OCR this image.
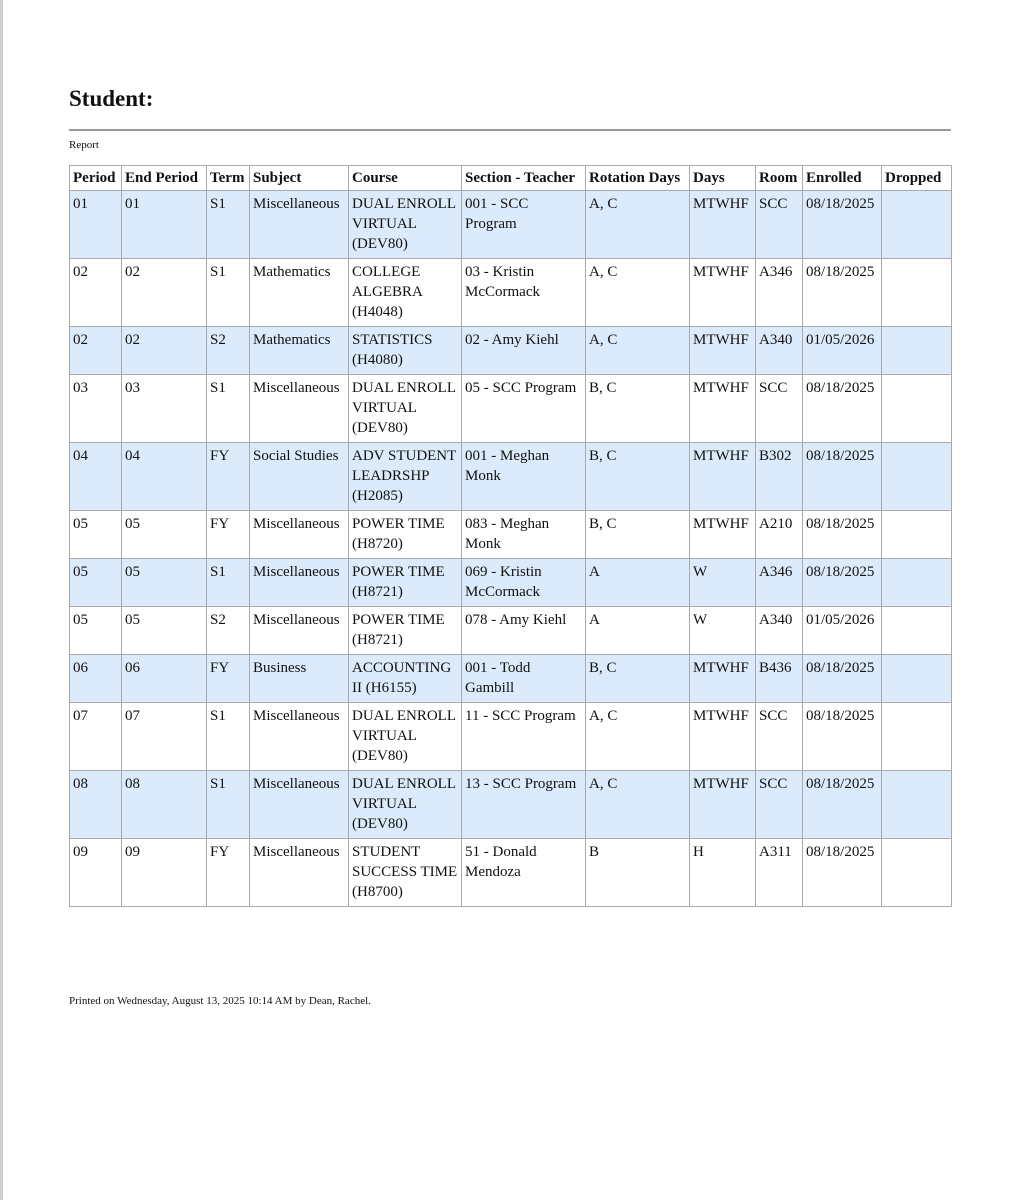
Student:
Report
Period	End Period	Term	Subject	Course	Section - Teacher	Rotation Days	Days	Room	Enrolled	Dropped
01	01	S1	Miscellaneous	DUAL ENROLL VIRTUAL (DEV80)	001 - SCC Program	A, C	MTWHF	SCC	08/18/2025	
02	02	S1	Mathematics	COLLEGE ALGEBRA (H4048)	03 - Kristin McCormack	A, C	MTWHF	A346	08/18/2025	
02	02	S2	Mathematics	STATISTICS (H4080)	02 - Amy Kiehl	A, C	MTWHF	A340	01/05/2026	
03	03	S1	Miscellaneous	DUAL ENROLL VIRTUAL (DEV80)	05 - SCC Program	B, C	MTWHF	SCC	08/18/2025	
04	04	FY	Social Studies	ADV STUDENT LEADRSHP (H2085)	001 - Meghan Monk	B, C	MTWHF	B302	08/18/2025	
05	05	FY	Miscellaneous	POWER TIME (H8720)	083 - Meghan Monk	B, C	MTWHF	A210	08/18/2025	
05	05	S1	Miscellaneous	POWER TIME (H8721)	069 - Kristin McCormack	A	W	A346	08/18/2025	
05	05	S2	Miscellaneous	POWER TIME (H8721)	078 - Amy Kiehl	A	W	A340	01/05/2026	
06	06	FY	Business	ACCOUNTING II (H6155)	001 - Todd Gambill	B, C	MTWHF	B436	08/18/2025	
07	07	S1	Miscellaneous	DUAL ENROLL VIRTUAL (DEV80)	11 - SCC Program	A, C	MTWHF	SCC	08/18/2025	
08	08	S1	Miscellaneous	DUAL ENROLL VIRTUAL (DEV80)	13 - SCC Program	A, C	MTWHF	SCC	08/18/2025	
09	09	FY	Miscellaneous	STUDENT SUCCESS TIME (H8700)	51 - Donald Mendoza	B	H	A311	08/18/2025	
Printed on Wednesday, August 13, 2025 10:14 AM by Dean, Rachel.
